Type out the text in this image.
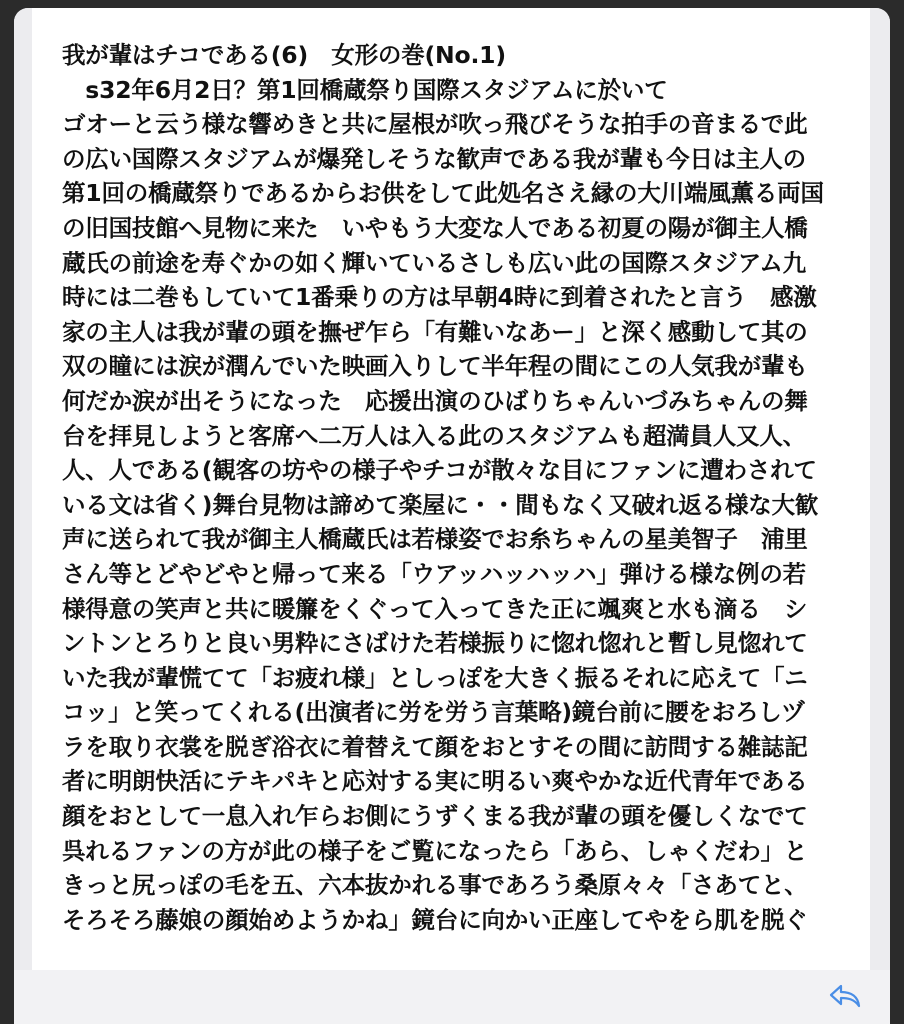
我が輩はチコである(6)　女形の巻(No.1)
　s32年6月2日？第1回橋蔵祭り国際スタジアムに於いて
ゴオーと云う様な響めきと共に屋根が吹っ飛びそうな拍手の音まるで此
の広い国際スタジアムが爆発しそうな歓声である我が輩も今日は主人の
第1回の橋蔵祭りであるからお供をして此処名さえ縁の大川端風薫る両国
の旧国技館へ見物に来た　いやもう大変な人である初夏の陽が御主人橋
蔵氏の前途を寿ぐかの如く輝いているさしも広い此の国際スタジアム九
時には二巻もしていて1番乗りの方は早朝4時に到着されたと言う　感激
家の主人は我が輩の頭を撫ぜ乍ら「有難いなあー」と深く感動して其の
双の瞳には涙が潤んでいた映画入りして半年程の間にこの人気我が輩も
何だか涙が出そうになった　応援出演のひばりちゃんいづみちゃんの舞
台を拝見しようと客席へ二万人は入る此のスタジアムも超満員人又人、
人、人である(観客の坊やの様子やチコが散々な目にファンに遭わされて
いる文は省く)舞台見物は諦めて楽屋に・・間もなく又破れ返る様な大歓
声に送られて我が御主人橋蔵氏は若様姿でお糸ちゃんの星美智子　浦里
さん等とどやどやと帰って来る「ウアッハッハッハ」弾ける様な例の若
様得意の笑声と共に暖簾をくぐって入ってきた正に颯爽と水も滴る　シ
ントンとろりと良い男粋にさばけた若様振りに惚れ惚れと暫し見惚れて
いた我が輩慌てて「お疲れ様」としっぽを大きく振るそれに応えて「ニ
コッ」と笑ってくれる(出演者に労を労う言葉略)鏡台前に腰をおろしヅ
ラを取り衣裳を脱ぎ浴衣に着替えて顔をおとすその間に訪問する雑誌記
者に明朗快活にテキパキと応対する実に明るい爽やかな近代青年である
顔をおとして一息入れ乍らお側にうずくまる我が輩の頭を優しくなでて
呉れるファンの方が此の様子をご覧になったら「あら、しゃくだわ」と
きっと尻っぽの毛を五、六本抜かれる事であろう桑原々々「さあてと、
そろそろ藤娘の顔始めようかね」鏡台に向かい正座してやをら肌を脱ぐ
